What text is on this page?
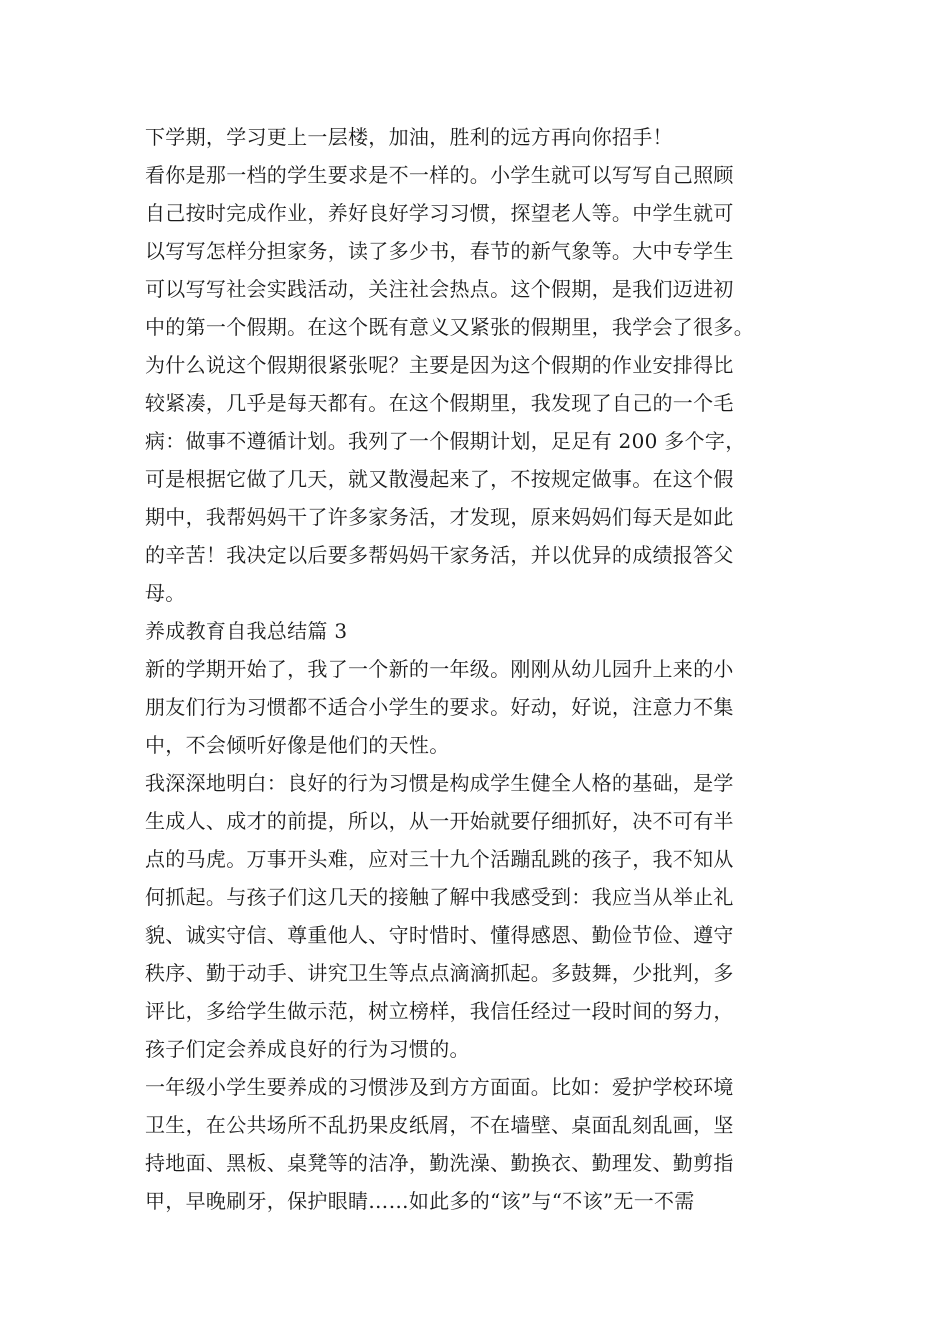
下学期，学习更上一层楼，加油，胜利的远方再向你招手！
看你是那一档的学生要求是不一样的。小学生就可以写写自己照顾
自己按时完成作业，养好良好学习习惯，探望老人等。中学生就可
以写写怎样分担家务，读了多少书，春节的新气象等。大中专学生
可以写写社会实践活动，关注社会热点。这个假期，是我们迈进初
中的第一个假期。在这个既有意义又紧张的假期里，我学会了很多。
为什么说这个假期很紧张呢？主要是因为这个假期的作业安排得比
较紧凑，几乎是每天都有。在这个假期里，我发现了自己的一个毛
病：做事不遵循计划。我列了一个假期计划，足足有 200 多个字，
可是根据它做了几天，就又散漫起来了，不按规定做事。在这个假
期中，我帮妈妈干了许多家务活，才发现，原来妈妈们每天是如此
的辛苦！我决定以后要多帮妈妈干家务活，并以优异的成绩报答父
母。
养成教育自我总结篇 3
新的学期开始了，我了一个新的一年级。刚刚从幼儿园升上来的小
朋友们行为习惯都不适合小学生的要求。好动，好说，注意力不集
中，不会倾听好像是他们的天性。
我深深地明白：良好的行为习惯是构成学生健全人格的基础，是学
生成人、成才的前提，所以，从一开始就要仔细抓好，决不可有半
点的马虎。万事开头难，应对三十九个活蹦乱跳的孩子，我不知从
何抓起。与孩子们这几天的接触了解中我感受到：我应当从举止礼
貌、诚实守信、尊重他人、守时惜时、懂得感恩、勤俭节俭、遵守
秩序、勤于动手、讲究卫生等点点滴滴抓起。多鼓舞，少批判，多
评比，多给学生做示范，树立榜样，我信任经过一段时间的努力，
孩子们定会养成良好的行为习惯的。
一年级小学生要养成的习惯涉及到方方面面。比如：爱护学校环境
卫生，在公共场所不乱扔果皮纸屑，不在墙壁、桌面乱刻乱画，坚
持地面、黑板、桌凳等的洁净，勤洗澡、勤换衣、勤理发、勤剪指
甲，早晚刷牙，保护眼睛……如此多的“该”与“不该”无一不需
